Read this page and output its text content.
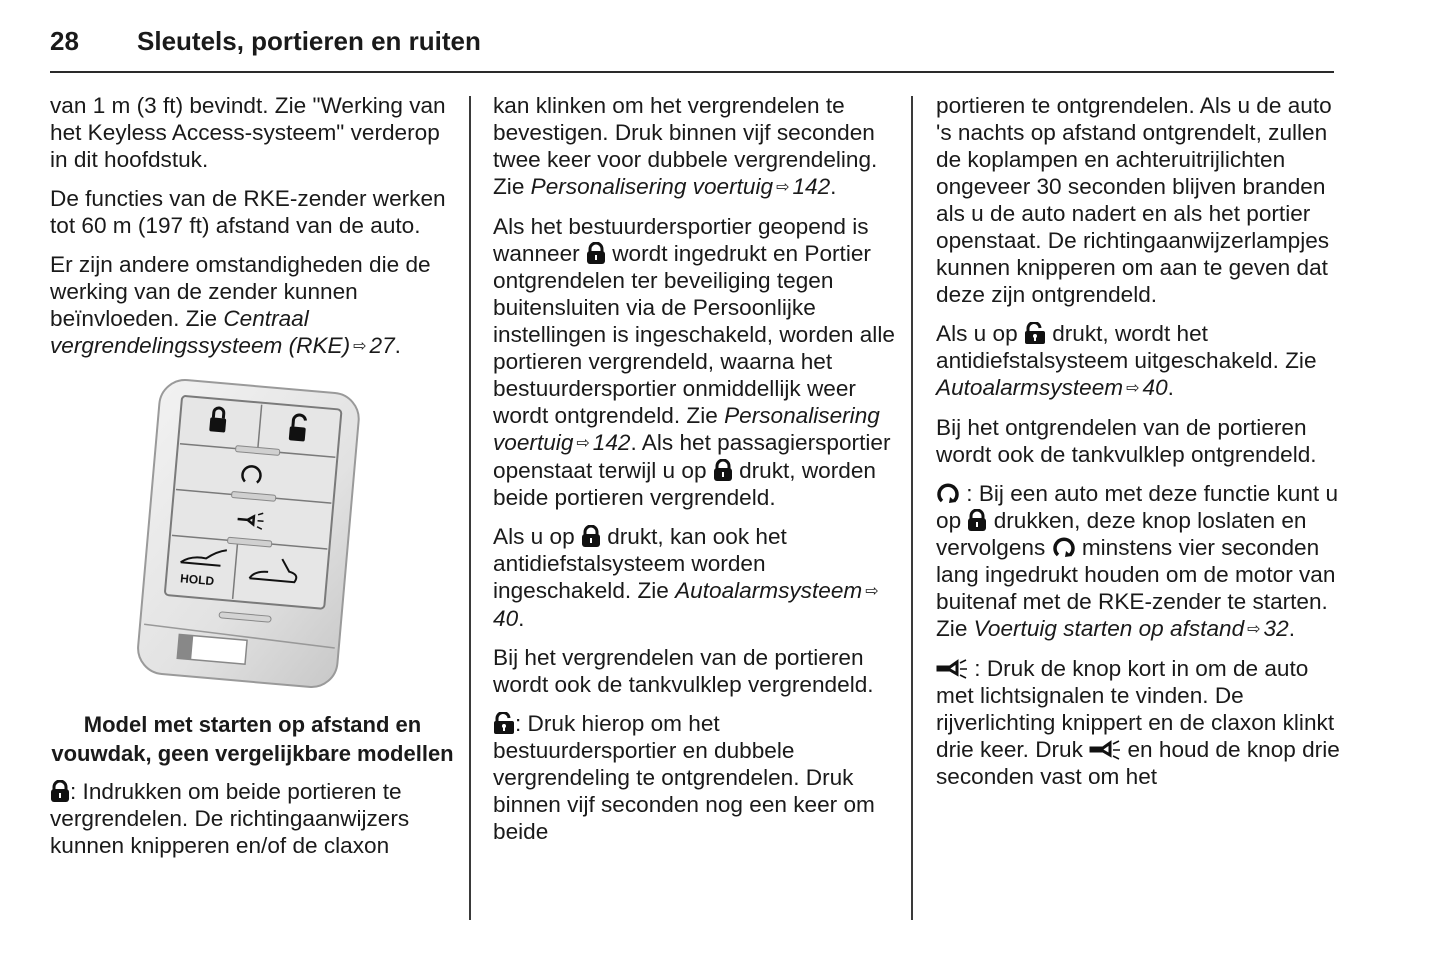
28 Sleutels, portieren en ruiten

van 1 m (3 ft) bevindt. Zie "Werking van het Keyless Access-systeem" verderop in dit hoofdstuk.

De functies van de RKE-zender werken tot 60 m (197 ft) afstand van de auto.

Er zijn andere omstandigheden die de werking van de zender kunnen beïnvloeden. Zie Centraal vergrendelingssysteem (RKE) ⇨ 27.

HOLD
Model met starten op afstand en vouwdak, geen vergelijkbare modellen

: Indrukken om beide portieren te vergrendelen. De richtingaanwijzers kunnen knipperen en/of de claxon

kan klinken om het vergrendelen te bevestigen. Druk binnen vijf seconden twee keer voor dubbele vergrendeling. Zie Personalisering voertuig ⇨ 142.

Als het bestuurdersportier geopend is wanneer
wordt ingedrukt en Portier ontgrendelen ter beveiliging tegen buitensluiten via de Persoonlijke instellingen is ingeschakeld, worden alle portieren vergrendeld, waarna het bestuurdersportier onmiddellijk weer wordt ontgrendeld. Zie Personalisering voertuig ⇨ 142. Als het passagiersportier openstaat terwijl u op
drukt, worden beide portieren vergrendeld.

Als u op
drukt, kan ook het antidiefstalsysteem worden ingeschakeld. Zie Autoalarmsysteem ⇨40.

Bij het vergrendelen van de portieren wordt ook de tankvulklep vergrendeld.

: Druk hierop om het bestuurdersportier en dubbele vergrendeling te ontgrendelen. Druk binnen vijf seconden nog een keer om beide

portieren te ontgrendelen. Als u de auto 's nachts op afstand ontgrendelt, zullen de koplampen en achteruitrijlichten ongeveer 30 seconden blijven branden als u de auto nadert en als het portier openstaat. De richtingaanwijzerlampjes kunnen knipperen om aan te geven dat deze zijn ontgrendeld.

Als u op
drukt, wordt het antidiefstalsysteem uitgeschakeld. Zie Autoalarmsysteem ⇨ 40.

Bij het ontgrendelen van de portieren wordt ook de tankvulklep ontgrendeld.

: Bij een auto met deze functie kunt u op
drukken, deze knop loslaten en vervolgens
minstens vier seconden lang ingedrukt houden om de motor van buitenaf met de RKE-zender te starten. Zie Voertuig starten op afstand ⇨ 32.

: Druk de knop kort in om de auto met lichtsignalen te vinden. De rijverlichting knippert en de claxon klinkt drie keer. Druk
en houd de knop drie seconden vast om het
